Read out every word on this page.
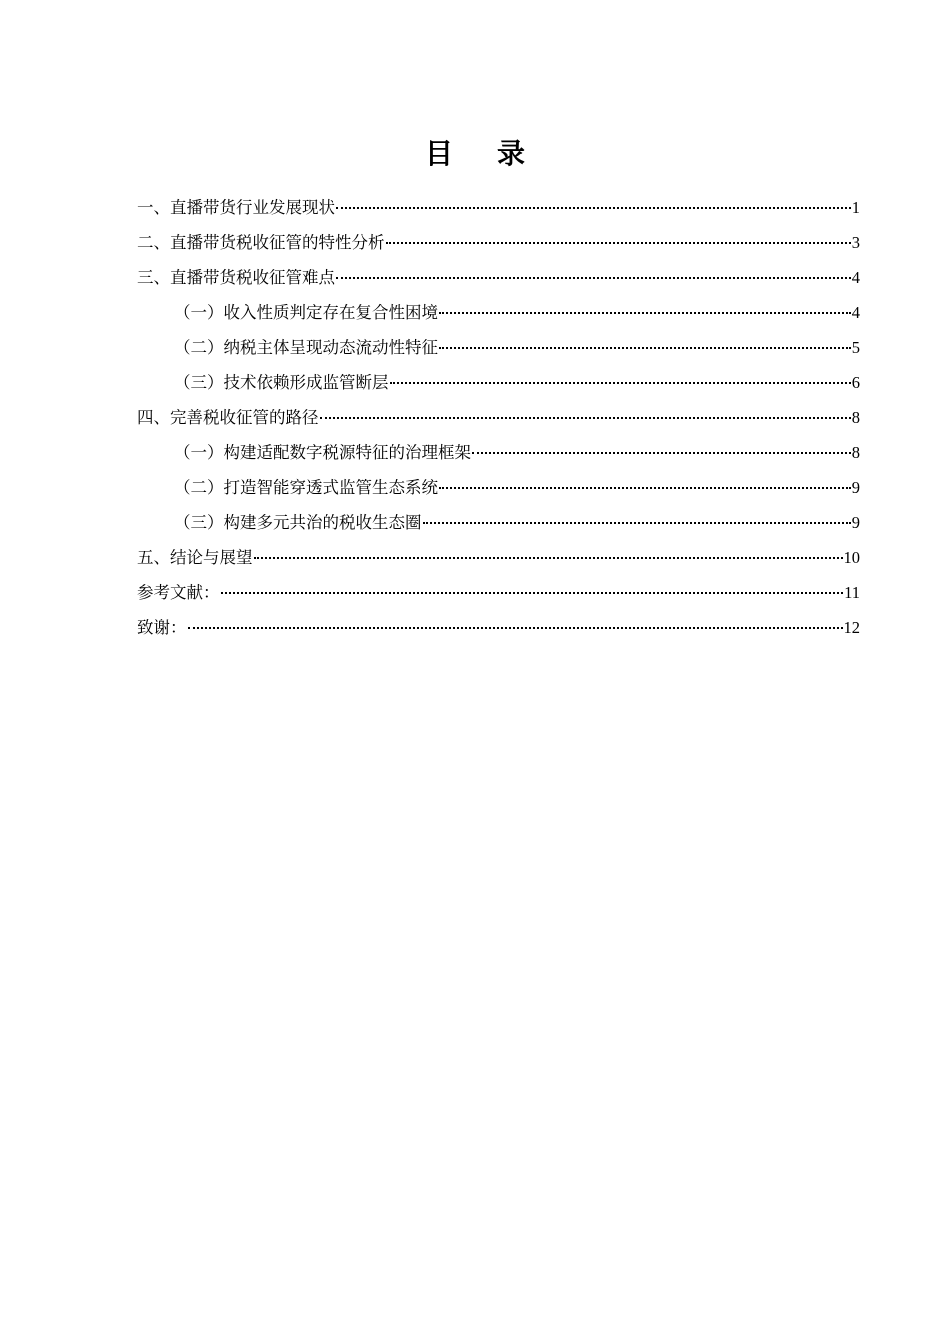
目 录
一、直播带货行业发展现状	1
二、直播带货税收征管的特性分析	3
三、直播带货税收征管难点	4
（一）收入性质判定存在复合性困境	4
（二）纳税主体呈现动态流动性特征	5
（三）技术依赖形成监管断层	6
四、完善税收征管的路径	8
（一）构建适配数字税源特征的治理框架	8
（二）打造智能穿透式监管生态系统	9
（三）构建多元共治的税收生态圈	9
五、结论与展望	10
参考文献：	11
致谢：	12
